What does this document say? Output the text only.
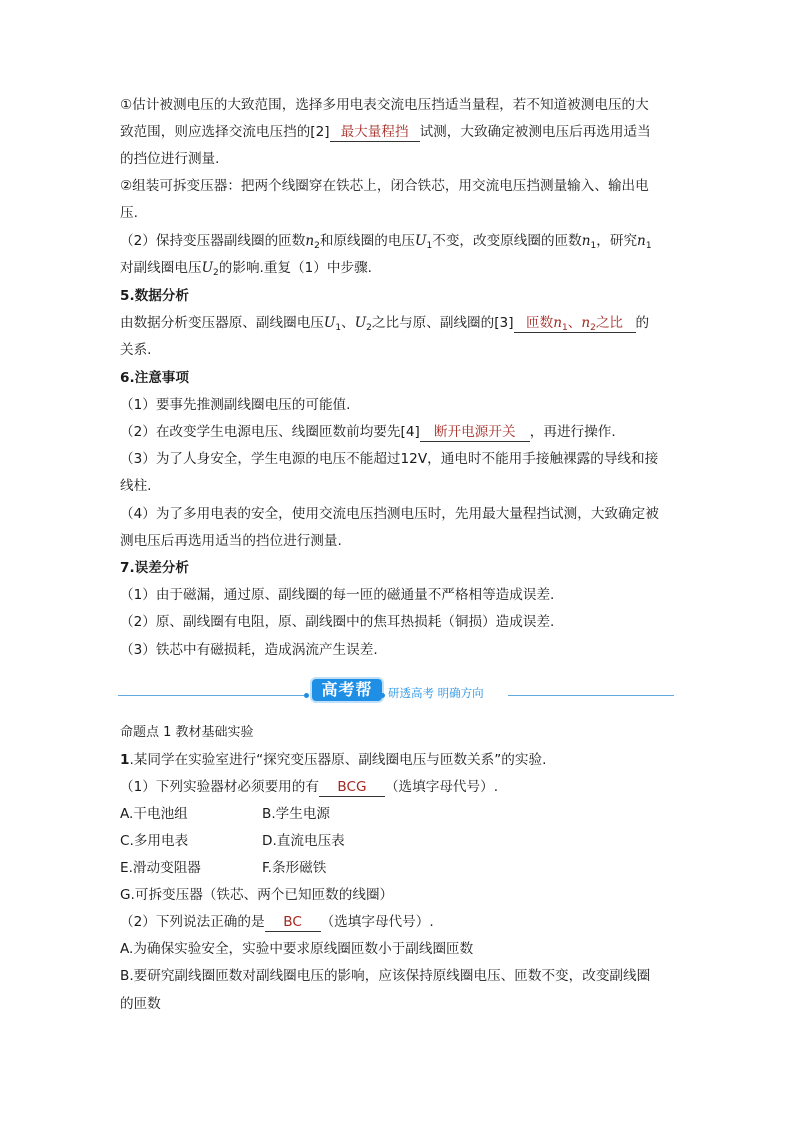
①估计被测电压的大致范围，选择多用电表交流电压挡适当量程，若不知道被测电压的大
致范围，则应选择交流电压挡的[2] 最大量程挡 试测，大致确定被测电压后再选用适当
的挡位进行测量.
②组装可拆变压器：把两个线圈穿在铁芯上，闭合铁芯，用交流电压挡测量输入、输出电
压.
（2）保持变压器副线圈的匝数$n_2$和原线圈的电压$U_1$不变，改变原线圈的匝数$n_1$，研究$n_1$
对副线圈电压$U_2$的影响.重复（1）中步骤.
5.数据分析
由数据分析变压器原、副线圈电压$U_1$、$U_2$之比与原、副线圈的[3] 匝数$n_1$、$n_2$之比 的
关系.
6.注意事项
（1）要事先推测副线圈电压的可能值.
（2）在改变学生电源电压、线圈匝数前均要先[4] 断开电源开关 ，再进行操作.
（3）为了人身安全，学生电源的电压不能超过12V，通电时不能用手接触裸露的导线和接
线柱.
（4）为了多用电表的安全，使用交流电压挡测电压时，先用最大量程挡试测，大致确定被
测电压后再选用适当的挡位进行测量.
7.误差分析
（1）由于磁漏，通过原、副线圈的每一匝的磁通量不严格相等造成误差.
（2）原、副线圈有电阻，原、副线圈中的焦耳热损耗（铜损）造成误差.
（3）铁芯中有磁损耗，造成涡流产生误差.
高考帮	研透高考 明确方向
命题点 1 教材基础实验
1.某同学在实验室进行“探究变压器原、副线圈电压与匝数关系”的实验.
（1）下列实验器材必须要用的有 BCG （选填字母代号）.
A.干电池组	B.学生电源
C.多用电表	D.直流电压表
E.滑动变阻器	F.条形磁铁
G.可拆变压器（铁芯、两个已知匝数的线圈）
（2）下列说法正确的是 BC （选填字母代号）.
A.为确保实验安全，实验中要求原线圈匝数小于副线圈匝数
B.要研究副线圈匝数对副线圈电压的影响，应该保持原线圈电压、匝数不变，改变副线圈
的匝数
